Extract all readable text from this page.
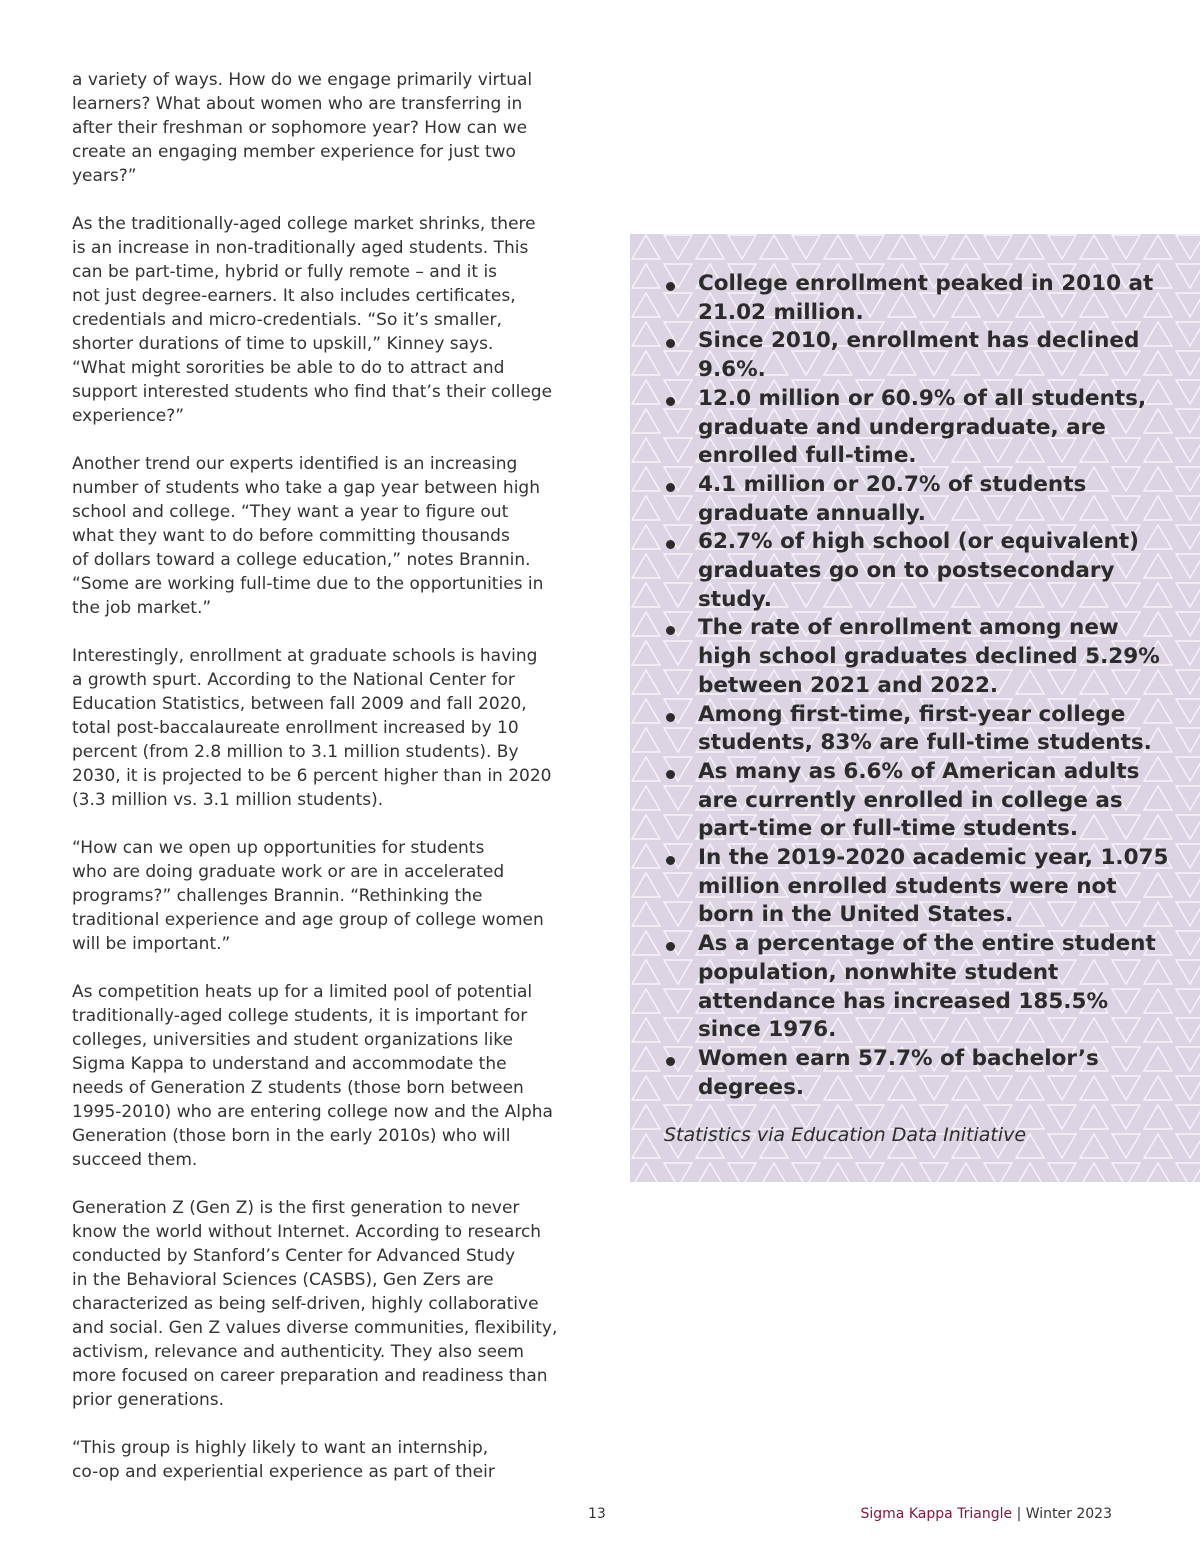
a variety of ways. How do we engage primarily virtual
learners? What about women who are transferring in
after their freshman or sophomore year? How can we
create an engaging member experience for just two
years?”

As the traditionally-aged college market shrinks, there
is an increase in non-traditionally aged students. This
can be part-time, hybrid or fully remote – and it is
not just degree-earners. It also includes certificates,
credentials and micro-credentials. “So it’s smaller,
shorter durations of time to upskill,” Kinney says.
“What might sororities be able to do to attract and
support interested students who find that’s their college
experience?”

Another trend our experts identified is an increasing
number of students who take a gap year between high
school and college. “They want a year to figure out
what they want to do before committing thousands
of dollars toward a college education,” notes Brannin.
“Some are working full-time due to the opportunities in
the job market.”

Interestingly, enrollment at graduate schools is having
a growth spurt. According to the National Center for
Education Statistics, between fall 2009 and fall 2020,
total post-baccalaureate enrollment increased by 10
percent (from 2.8 million to 3.1 million students). By
2030, it is projected to be 6 percent higher than in 2020
(3.3 million vs. 3.1 million students).

“How can we open up opportunities for students
who are doing graduate work or are in accelerated
programs?” challenges Brannin. “Rethinking the
traditional experience and age group of college women
will be important.”

As competition heats up for a limited pool of potential
traditionally-aged college students, it is important for
colleges, universities and student organizations like
Sigma Kappa to understand and accommodate the
needs of Generation Z students (those born between
1995-2010) who are entering college now and the Alpha
Generation (those born in the early 2010s) who will
succeed them.

Generation Z (Gen Z) is the first generation to never
know the world without Internet. According to research
conducted by Stanford’s Center for Advanced Study
in the Behavioral Sciences (CASBS), Gen Zers are
characterized as being self-driven, highly collaborative
and social. Gen Z values diverse communities, flexibility,
activism, relevance and authenticity. They also seem
more focused on career preparation and readiness than
prior generations.

“This group is highly likely to want an internship,
co-op and experiential experience as part of their

College enrollment peaked in 2010 at
21.02 million.
Since 2010, enrollment has declined
9.6%.
12.0 million or 60.9% of all students,
graduate and undergraduate, are
enrolled full-time.
4.1 million or 20.7% of students
graduate annually.
62.7% of high school (or equivalent)
graduates go on to postsecondary
study.
The rate of enrollment among new
high school graduates declined 5.29%
between 2021 and 2022.
Among first-time, first-year college
students, 83% are full-time students.
As many as 6.6% of American adults
are currently enrolled in college as
part-time or full-time students.
In the 2019-2020 academic year, 1.075
million enrolled students were not
born in the United States.
As a percentage of the entire student
population, nonwhite student
attendance has increased 185.5%
since 1976.
Women earn 57.7% of bachelor’s
degrees.
Statistics via Education Data Initiative
13	Sigma Kappa Triangle | Winter 2023
